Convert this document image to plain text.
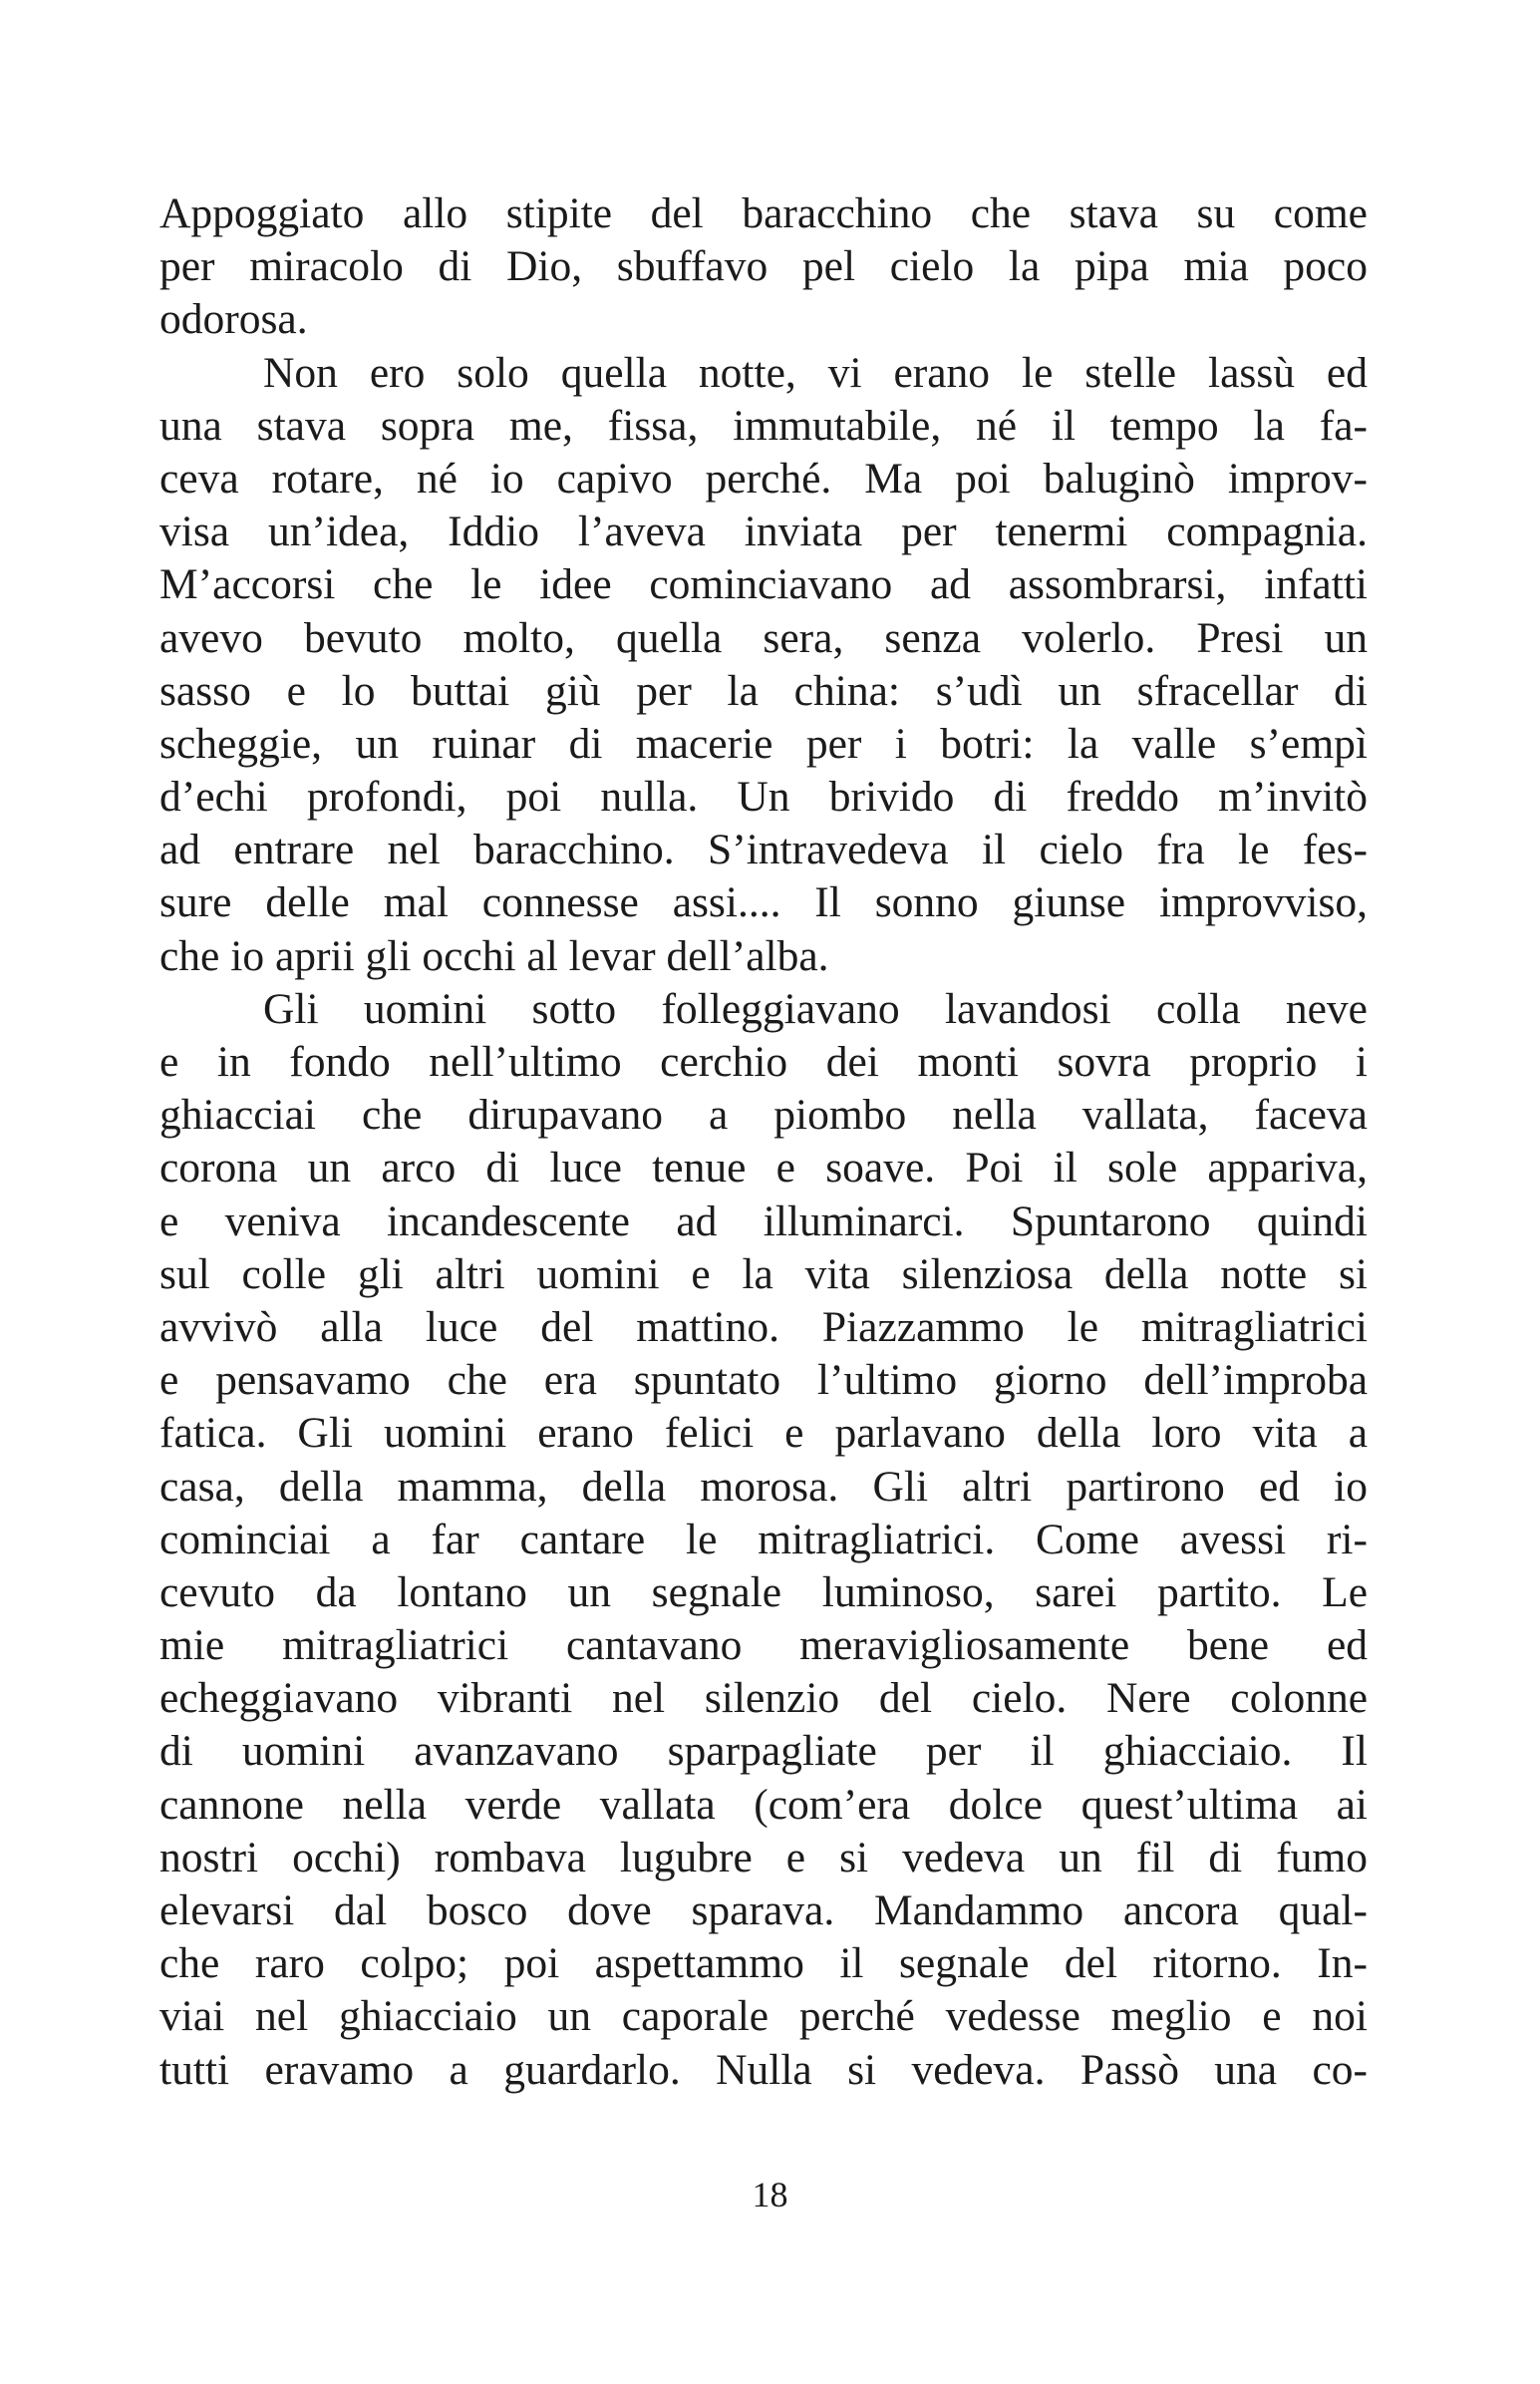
Appoggiato allo stipite del baracchino che stava su come
per miracolo di Dio, sbuffavo pel cielo la pipa mia poco
odorosa.
Non ero solo quella notte, vi erano le stelle lassù ed
una stava sopra me, fissa, immutabile, né il tempo la fa-
ceva rotare, né io capivo perché. Ma poi baluginò improv-
visa un’idea, Iddio l’aveva inviata per tenermi compagnia.
M’accorsi che le idee cominciavano ad assombrarsi, infatti
avevo bevuto molto, quella sera, senza volerlo. Presi un
sasso e lo buttai giù per la china: s’udì un sfracellar di
scheggie, un ruinar di macerie per i botri: la valle s’empì
d’echi profondi, poi nulla. Un brivido di freddo m’invitò
ad entrare nel baracchino. S’intravedeva il cielo fra le fes-
sure delle mal connesse assi.... Il sonno giunse improvviso,
che io aprii gli occhi al levar dell’alba.
Gli uomini sotto folleggiavano lavandosi colla neve
e in fondo nell’ultimo cerchio dei monti sovra proprio i
ghiacciai che dirupavano a piombo nella vallata, faceva
corona un arco di luce tenue e soave. Poi il sole appariva,
e veniva incandescente ad illuminarci. Spuntarono quindi
sul colle gli altri uomini e la vita silenziosa della notte si
avvivò alla luce del mattino. Piazzammo le mitragliatrici
e pensavamo che era spuntato l’ultimo giorno dell’improba
fatica. Gli uomini erano felici e parlavano della loro vita a
casa, della mamma, della morosa. Gli altri partirono ed io
cominciai a far cantare le mitragliatrici. Come avessi ri-
cevuto da lontano un segnale luminoso, sarei partito. Le
mie mitragliatrici cantavano meravigliosamente bene ed
echeggiavano vibranti nel silenzio del cielo. Nere colonne
di uomini avanzavano sparpagliate per il ghiacciaio. Il
cannone nella verde vallata (com’era dolce quest’ultima ai
nostri occhi) rombava lugubre e si vedeva un fil di fumo
elevarsi dal bosco dove sparava. Mandammo ancora qual-
che raro colpo; poi aspettammo il segnale del ritorno. In-
viai nel ghiacciaio un caporale perché vedesse meglio e noi
tutti eravamo a guardarlo. Nulla si vedeva. Passò una co-
18
